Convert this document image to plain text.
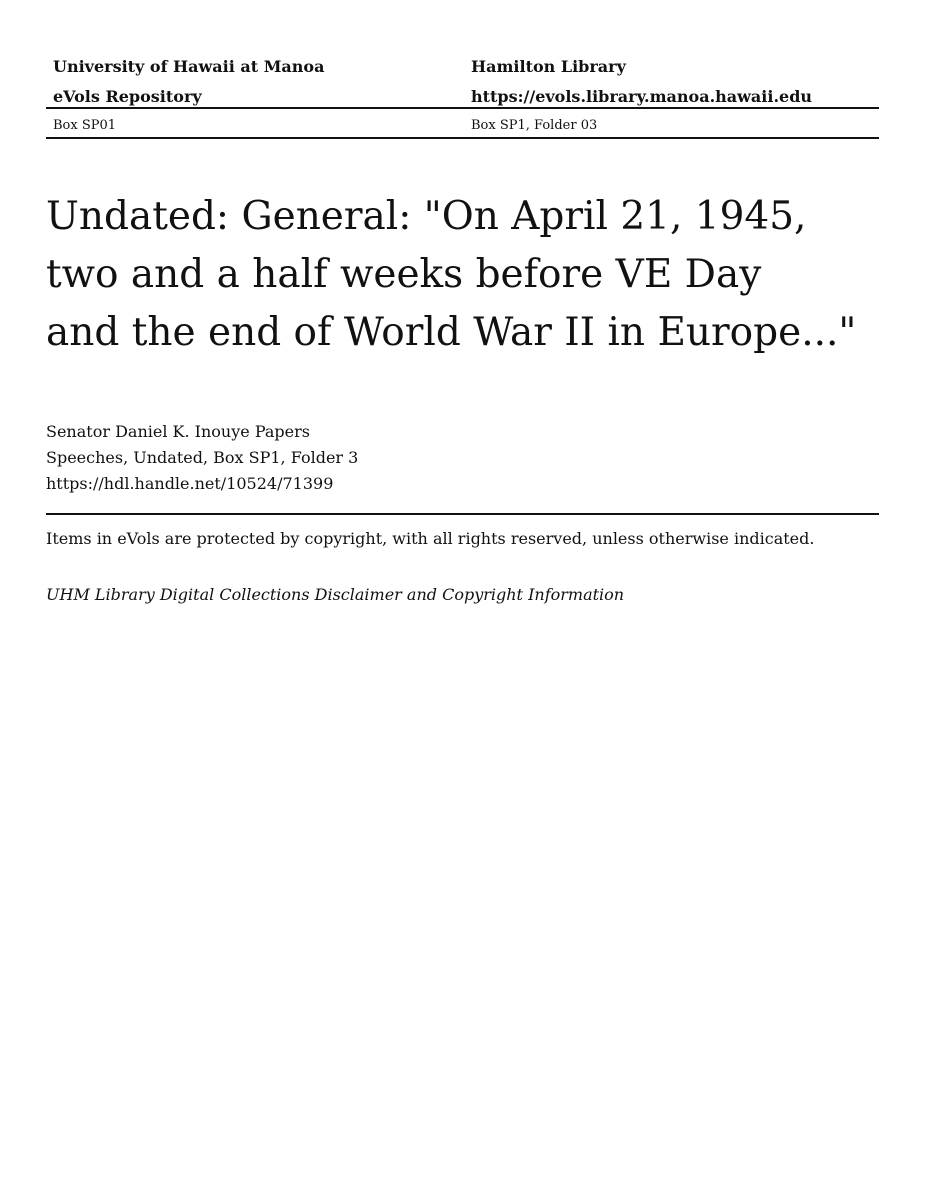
University of Hawaii at Manoa
eVols Repository
Hamilton Library
https://evols.library.manoa.hawaii.edu
Box SP01	Box SP1, Folder 03
Undated: General: "On April 21, 1945,
two and a half weeks before VE Day
and the end of World War II in Europe..."
Senator Daniel K. Inouye Papers
Speeches, Undated, Box SP1, Folder 3
https://hdl.handle.net/10524/71399
Items in eVols are protected by copyright, with all rights reserved, unless otherwise indicated.
UHM Library Digital Collections Disclaimer and Copyright Information
